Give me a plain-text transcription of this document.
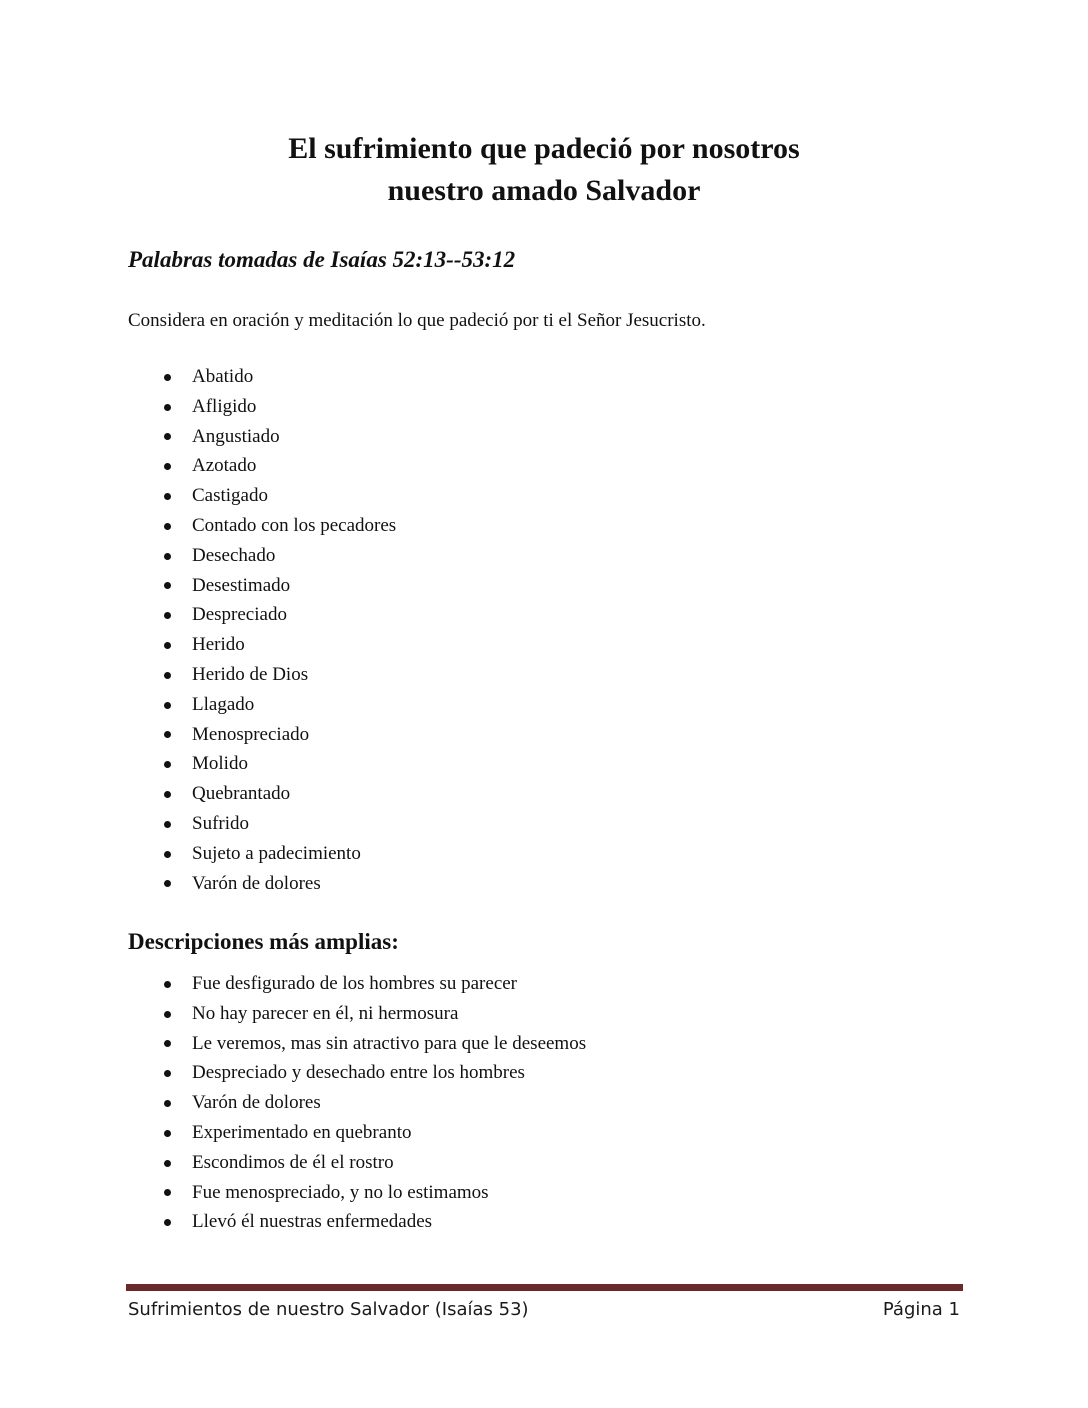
El sufrimiento que padeció por nosotros
nuestro amado Salvador

Palabras tomadas de Isaías 52:13--53:12

Considera en oración y meditación lo que padeció por ti el Señor Jesucristo.

Abatido
Afligido
Angustiado
Azotado
Castigado
Contado con los pecadores
Desechado
Desestimado
Despreciado
Herido
Herido de Dios
Llagado
Menospreciado
Molido
Quebrantado
Sufrido
Sujeto a padecimiento
Varón de dolores
Descripciones más amplias:
Fue desfigurado de los hombres su parecer
No hay parecer en él, ni hermosura
Le veremos, mas sin atractivo para que le deseemos
Despreciado y desechado entre los hombres
Varón de dolores
Experimentado en quebranto
Escondimos de él el rostro
Fue menospreciado, y no lo estimamos
Llevó él nuestras enfermedades
Sufrimientos de nuestro Salvador (Isaías 53)	Página 1
